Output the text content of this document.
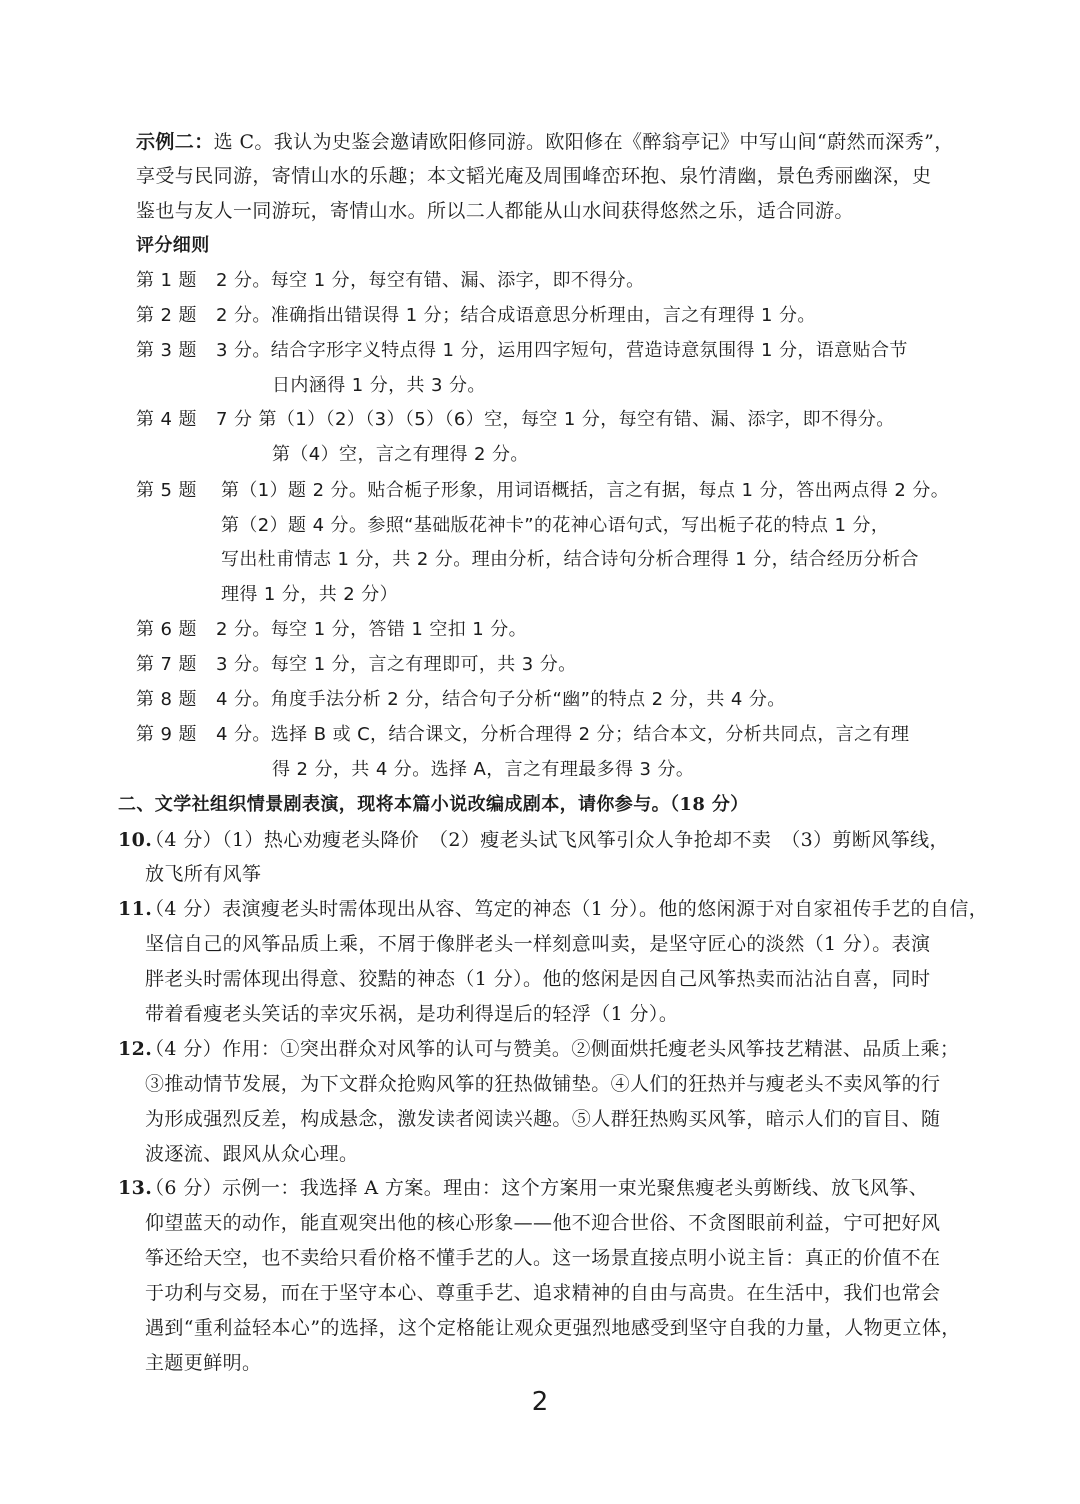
示例二：选 C。我认为史鉴会邀请欧阳修同游。欧阳修在《醉翁亭记》中写山间“蔚然而深秀”，
享受与民同游，寄情山水的乐趣；本文韬光庵及周围峰峦环抱、泉竹清幽，景色秀丽幽深，史
鉴也与友人一同游玩，寄情山水。所以二人都能从山水间获得悠然之乐，适合同游。
评分细则
第 1 题 2 分。每空 1 分，每空有错、漏、添字，即不得分。
第 2 题 2 分。准确指出错误得 1 分；结合成语意思分析理由，言之有理得 1 分。
第 3 题 3 分。结合字形字义特点得 1 分，运用四字短句，营造诗意氛围得 1 分，语意贴合节
日内涵得 1 分，共 3 分。
第 4 题 7 分 第（1）（2）（3）（5）（6）空，每空 1 分，每空有错、漏、添字，即不得分。
第（4）空，言之有理得 2 分。
第 5 题 第（1）题 2 分。贴合栀子形象，用词语概括，言之有据，每点 1 分，答出两点得 2 分。
第（2）题 4 分。参照“基础版花神卡”的花神心语句式，写出栀子花的特点 1 分，
写出杜甫情志 1 分，共 2 分。理由分析，结合诗句分析合理得 1 分，结合经历分析合
理得 1 分，共 2 分）
第 6 题 2 分。每空 1 分，答错 1 空扣 1 分。
第 7 题 3 分。每空 1 分，言之有理即可，共 3 分。
第 8 题 4 分。角度手法分析 2 分，结合句子分析“幽”的特点 2 分，共 4 分。
第 9 题 4 分。选择 B 或 C，结合课文，分析合理得 2 分；结合本文，分析共同点，言之有理
得 2 分，共 4 分。选择 A，言之有理最多得 3 分。
二、文学社组织情景剧表演，现将本篇小说改编成剧本，请你参与。（18 分）
10.
（4 分）（1）热心劝瘦老头降价　（2）瘦老头试飞风筝引众人争抢却不卖　（3）剪断风筝线，
放飞所有风筝
11.
（4 分）表演瘦老头时需体现出从容、笃定的神态（1 分）。他的悠闲源于对自家祖传手艺的自信，
坚信自己的风筝品质上乘，不屑于像胖老头一样刻意叫卖，是坚守匠心的淡然（1 分）。表演
胖老头时需体现出得意、狡黠的神态（1 分）。他的悠闲是因自己风筝热卖而沾沾自喜，同时
带着看瘦老头笑话的幸灾乐祸，是功利得逞后的轻浮（1 分）。
12.
（4 分）作用：①突出群众对风筝的认可与赞美。②侧面烘托瘦老头风筝技艺精湛、品质上乘；
③推动情节发展，为下文群众抢购风筝的狂热做铺垫。④人们的狂热并与瘦老头不卖风筝的行
为形成强烈反差，构成悬念，激发读者阅读兴趣。⑤人群狂热购买风筝，暗示人们的盲目、随
波逐流、跟风从众心理。
13.
（6 分）示例一：我选择 A 方案。理由：这个方案用一束光聚焦瘦老头剪断线、放飞风筝、
仰望蓝天的动作，能直观突出他的核心形象——他不迎合世俗、不贪图眼前利益，宁可把好风
筝还给天空，也不卖给只看价格不懂手艺的人。这一场景直接点明小说主旨：真正的价值不在
于功利与交易，而在于坚守本心、尊重手艺、追求精神的自由与高贵。在生活中，我们也常会
遇到“重利益轻本心”的选择，这个定格能让观众更强烈地感受到坚守自我的力量，人物更立体，
主题更鲜明。
2
